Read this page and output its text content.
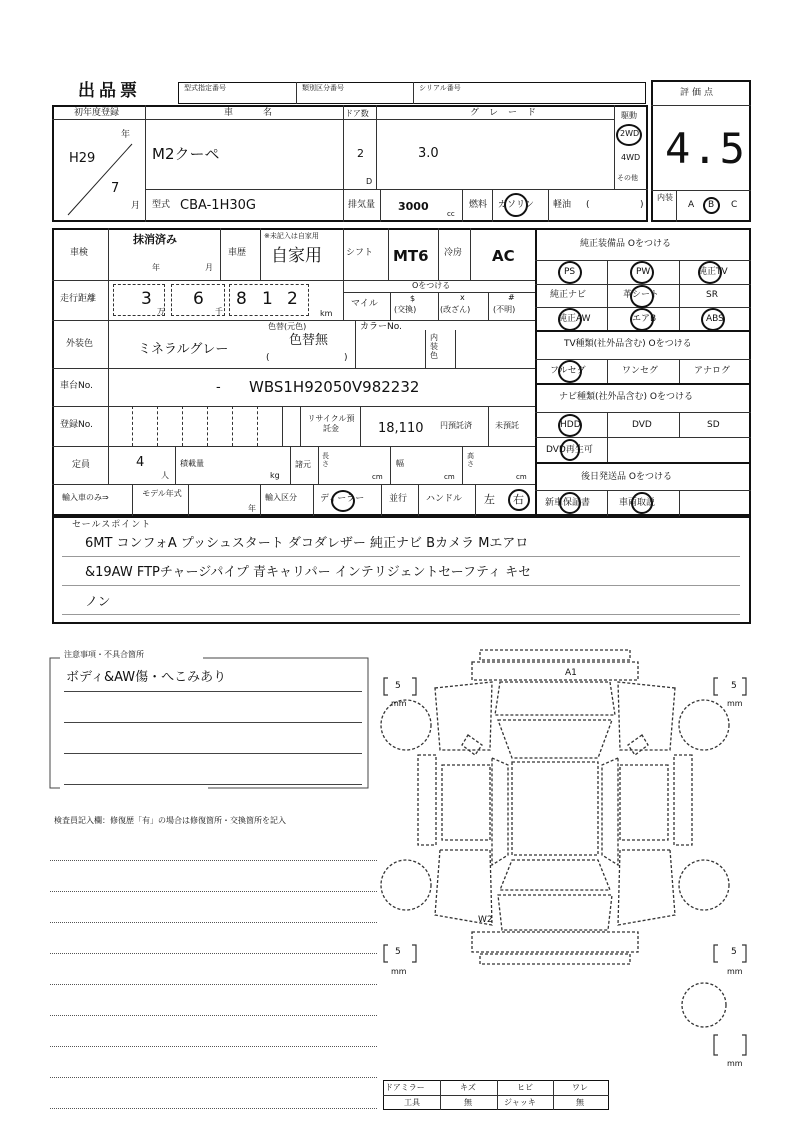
出品票	型式指定番号	類別区分番号	シリアル番号	評価点
4.5
内装
A B C
初年度登録
H29
年
7
月
車名
M2クーペ
型式 CBA-1H30G
ドア数
2
D
グレード
3.0
駆動
2WD
4WD
その他
排気量 3000
cc
燃料 ガソリン 軽油 (	)
車検
抹消済み
年	月
車歴
※未記入は自家用
自家用	シフト MT6 冷房 AC
走行距離	3
万
6
千
8 1 2
km
Oをつける
マイル
$
(交換)
x
(改ざん)
#
(不明)
外装色	ミネラルグレー
色替(元色)
色替無
(	)
カラーNo.
内装色
車台No.	- WBS1H92050V982232
登録No.
リサイクル預託金	18,110 円預託済	未預託
定員	4
人
積載量
kg
諸元
長さ
cm
幅
cm
高さ
cm
輸入車のみ⇒	モデル年式
年
輸入区分	ディーラー	並行 ハンドル 左 右
純正装備品 Oをつける
PS	PW	純正TV
純正ナビ	革シート	SR
純正AW	エアB	ABS
TV種類(社外品含む) Oをつける
フルセグ	ワンセグ	アナログ
ナビ種類(社外品含む) Oをつける
HDD	DVD	SD
DVD再生可
後日発送品 Oをつける
新車保証書	車両取説
セールスポイント
6MT コンフォA プッシュスタート ダコダレザー 純正ナビ Bカメラ Mエアロ
&19AW FTPチャージパイプ 青キャリパー インテリジェントセーフティ キセ
ノン
注意事項・不具合箇所
ボディ&AW傷・へこみあり
検査員記入欄：修復歴「有」の場合は修復箇所・交換箇所を記入
A1
W2
5
mm
5
mm
5
mm
5
mm
mm
ドアミラー	キズ	ヒビ	ワレ
工具	無	ジャッキ	無
